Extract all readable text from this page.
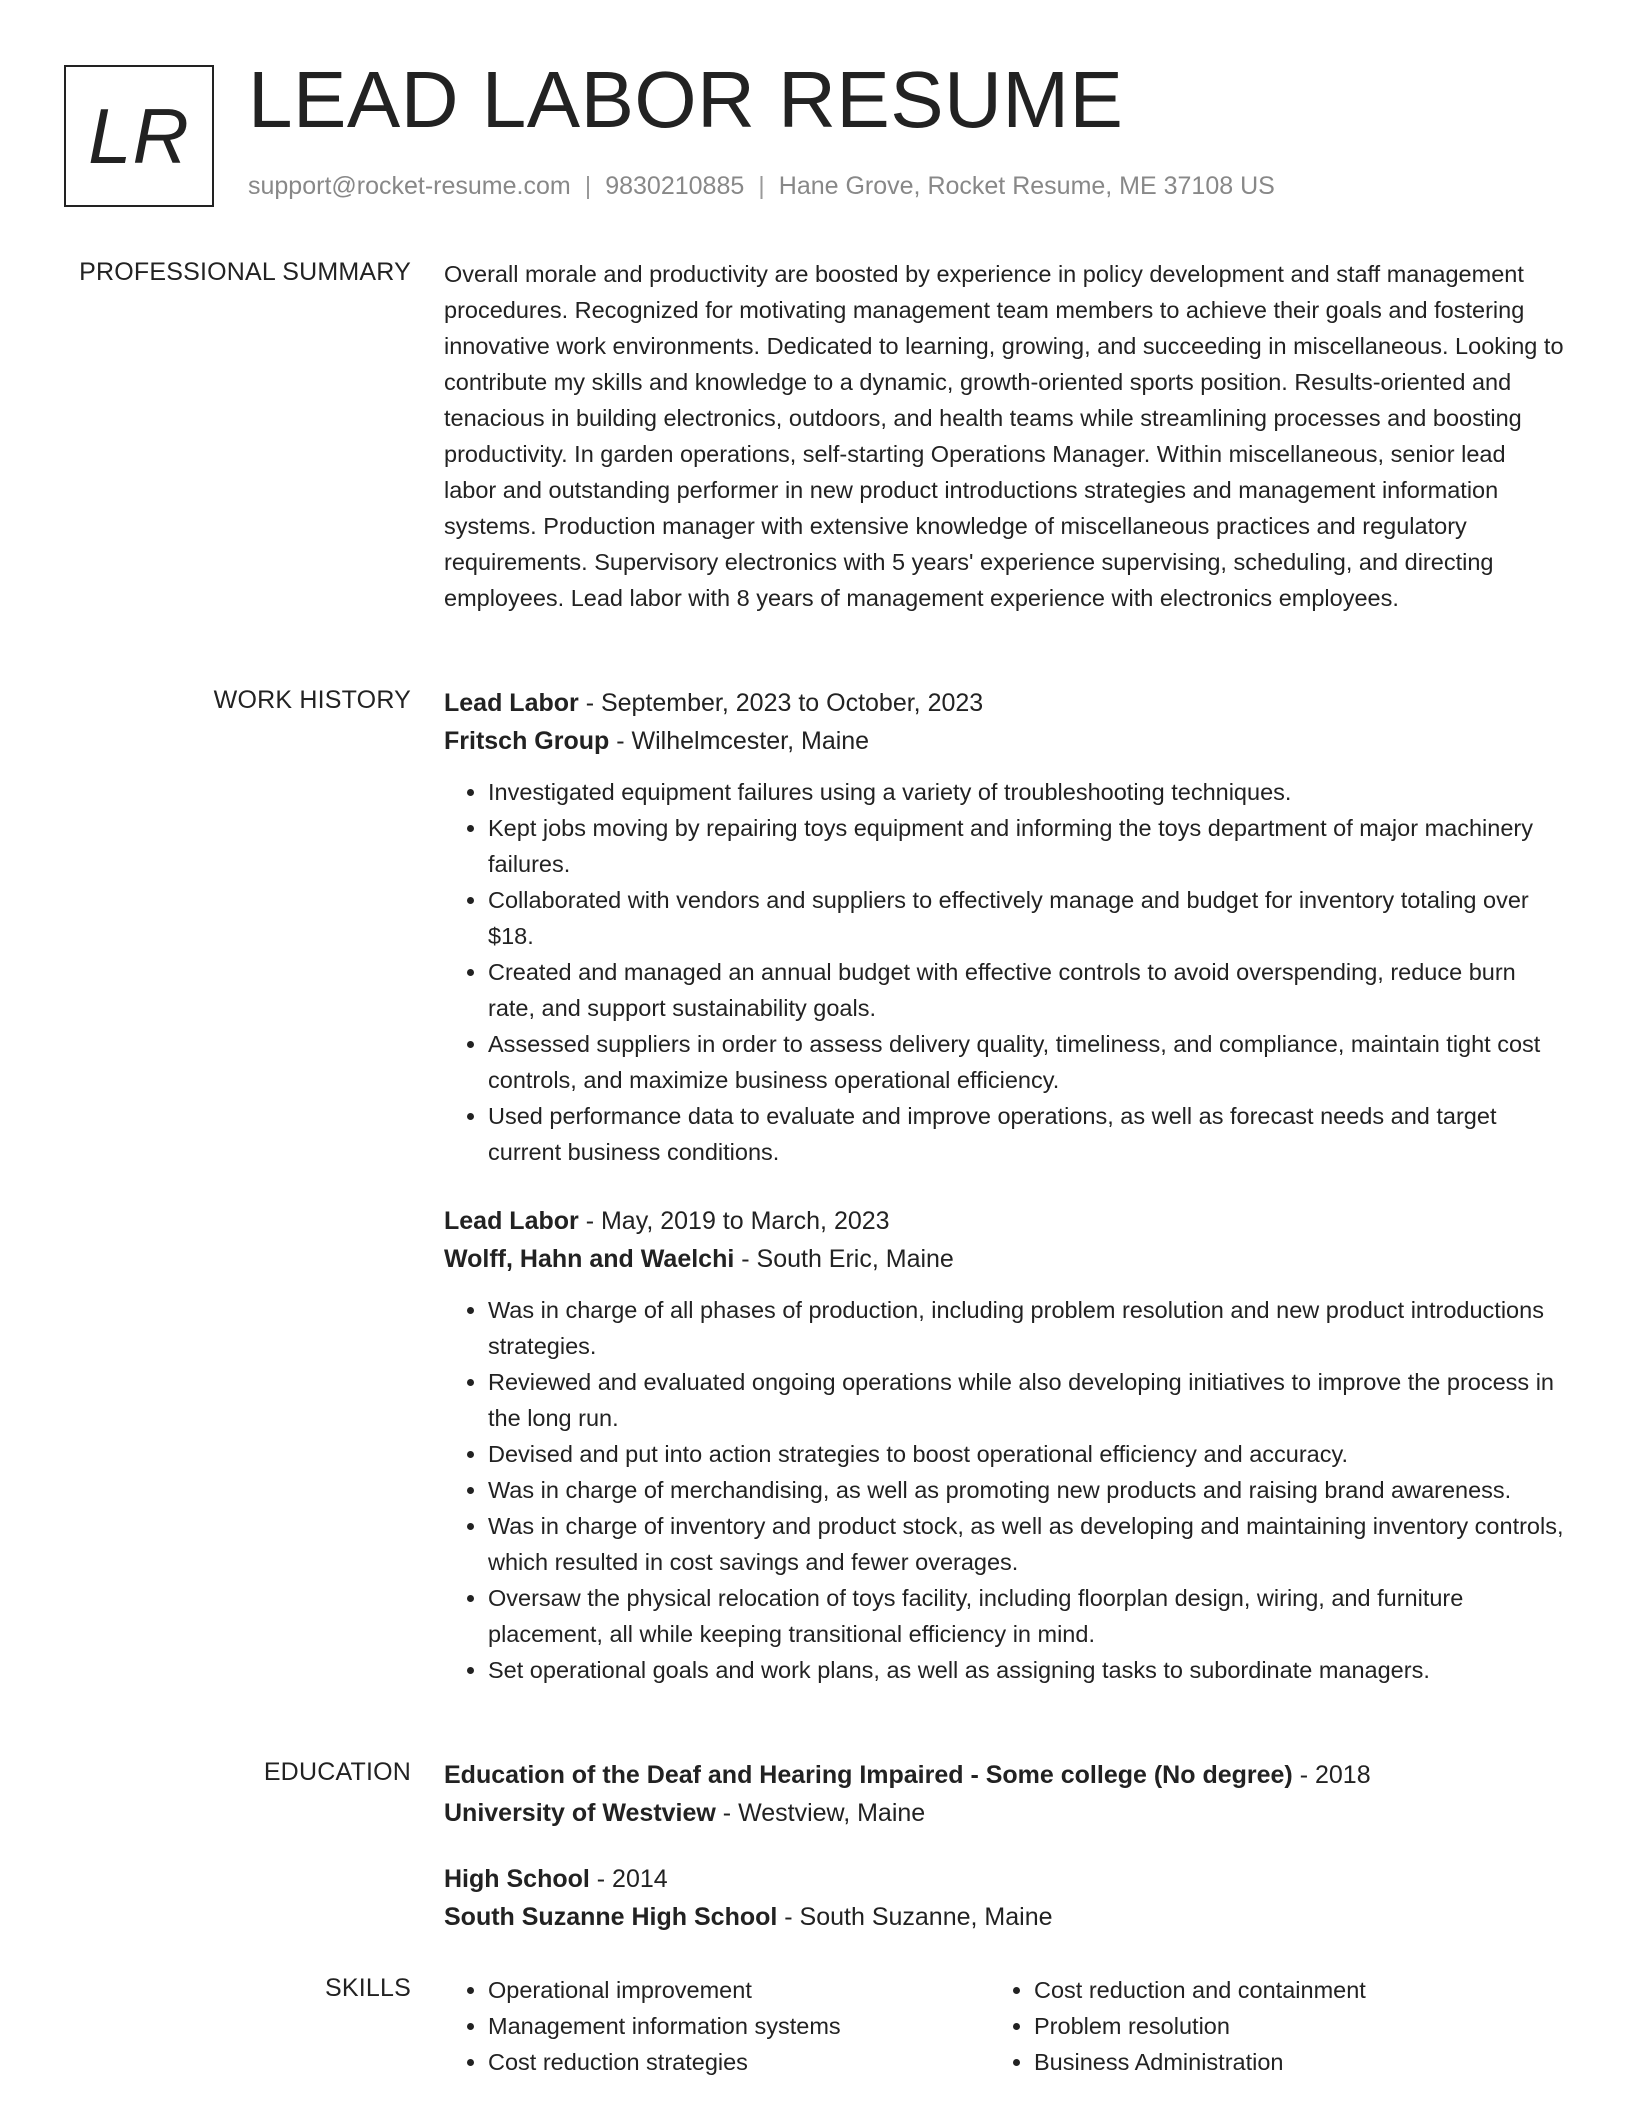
LR LEAD LABOR RESUME
support@rocket-resume.com | 9830210885 | Hane Grove, Rocket Resume, ME 37108 US
PROFESSIONAL SUMMARY Overall morale and productivity are boosted by experience in policy development and staff management procedures. Recognized for motivating management team members to achieve their goals and fostering innovative work environments. Dedicated to learning, growing, and succeeding in miscellaneous. Looking to contribute my skills and knowledge to a dynamic, growth-oriented sports position. Results-oriented and tenacious in building electronics, outdoors, and health teams while streamlining processes and boosting productivity. In garden operations, self-starting Operations Manager. Within miscellaneous, senior lead labor and outstanding performer in new product introductions strategies and management information systems. Production manager with extensive knowledge of miscellaneous practices and regulatory requirements. Supervisory electronics with 5 years' experience supervising, scheduling, and directing employees. Lead labor with 8 years of management experience with electronics employees.

WORK HISTORY Lead Labor - September, 2023 to October, 2023
Fritsch Group - Wilhelmcester, Maine
• Investigated equipment failures using a variety of troubleshooting techniques.
• Kept jobs moving by repairing toys equipment and informing the toys department of major machinery failures.
• Collaborated with vendors and suppliers to effectively manage and budget for inventory totaling over $18.
• Created and managed an annual budget with effective controls to avoid overspending, reduce burn rate, and support sustainability goals.
• Assessed suppliers in order to assess delivery quality, timeliness, and compliance, maintain tight cost controls, and maximize business operational efficiency.
• Used performance data to evaluate and improve operations, as well as forecast needs and target current business conditions.
Lead Labor - May, 2019 to March, 2023
Wolff, Hahn and Waelchi - South Eric, Maine
• Was in charge of all phases of production, including problem resolution and new product introductions strategies.
• Reviewed and evaluated ongoing operations while also developing initiatives to improve the process in the long run.
• Devised and put into action strategies to boost operational efficiency and accuracy.
• Was in charge of merchandising, as well as promoting new products and raising brand awareness.
• Was in charge of inventory and product stock, as well as developing and maintaining inventory controls, which resulted in cost savings and fewer overages.
• Oversaw the physical relocation of toys facility, including floorplan design, wiring, and furniture placement, all while keeping transitional efficiency in mind.
• Set operational goals and work plans, as well as assigning tasks to subordinate managers.
EDUCATION Education of the Deaf and Hearing Impaired - Some college (No degree) - 2018
University of Westview - Westview, Maine
High School - 2014
South Suzanne High School - South Suzanne, Maine
SKILLS
•	Operational improvement
• Management information systems
• Cost reduction strategies
• Cost reduction and containment
• Problem resolution
• Business Administration
